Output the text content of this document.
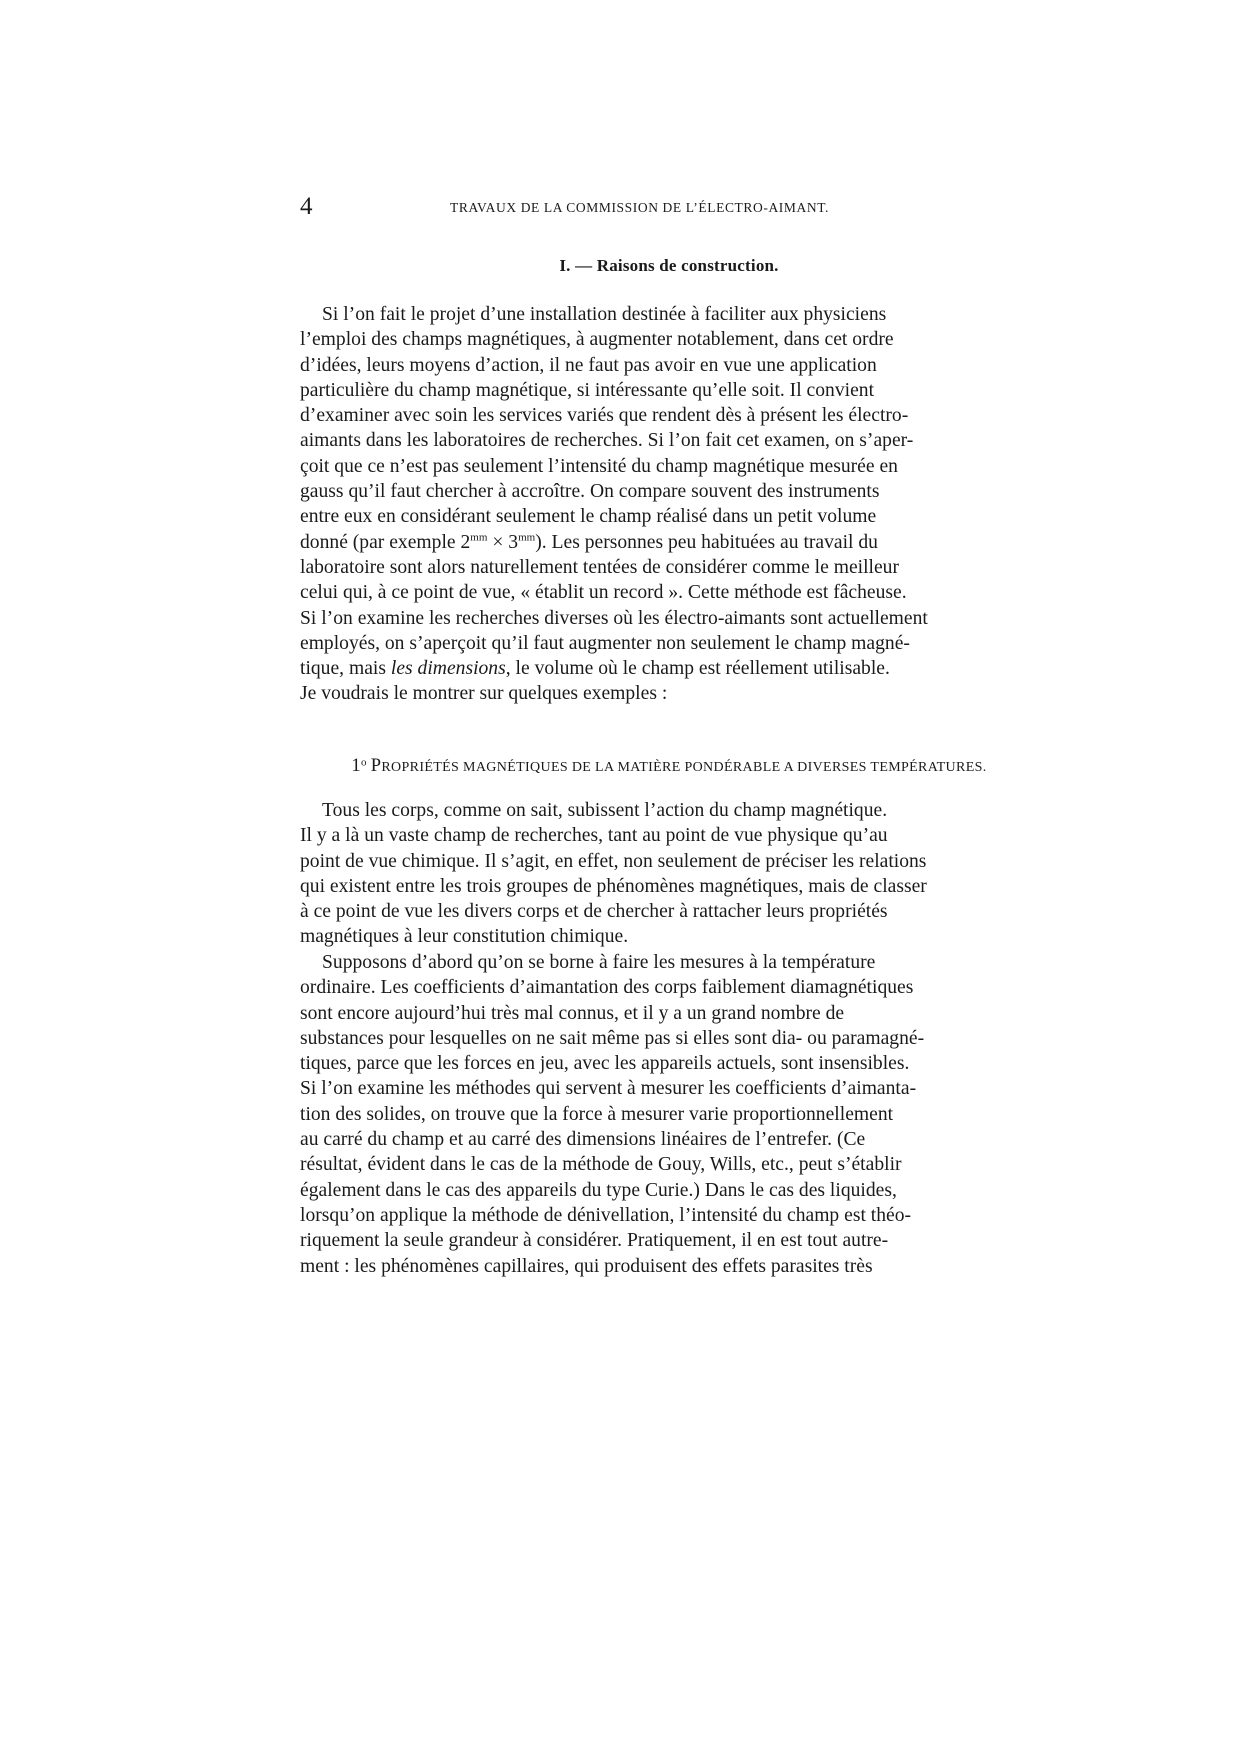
4	TRAVAUX DE LA COMMISSION DE L’ÉLECTRO-AIMANT.
I. — Raisons de construction.

Si l’on fait le projet d’une installation destinée à faciliter aux physiciens

l’emploi des champs magnétiques, à augmenter notablement, dans cet ordre

d’idées, leurs moyens d’action, il ne faut pas avoir en vue une application

particulière du champ magnétique, si intéressante qu’elle soit. Il convient

d’examiner avec soin les services variés que rendent dès à présent les électro-

aimants dans les laboratoires de recherches. Si l’on fait cet examen, on s’aper-

çoit que ce n’est pas seulement l’intensité du champ magnétique mesurée en

gauss qu’il faut chercher à accroître. On compare souvent des instruments

entre eux en considérant seulement le champ réalisé dans un petit volume

donné (par exemple $2^{mm} \times 3^{mm}$). Les personnes peu habituées au travail du

laboratoire sont alors naturellement tentées de considérer comme le meilleur

celui qui, à ce point de vue, « établit un record ». Cette méthode est fâcheuse.

Si l’on examine les recherches diverses où les électro-aimants sont actuellement

employés, on s’aperçoit qu’il faut augmenter non seulement le champ magné-

tique, mais les dimensions, le volume où le champ est réellement utilisable.

Je voudrais le montrer sur quelques exemples :

1$^o$ PROPRIÉTÉS MAGNÉTIQUES DE LA MATIÈRE PONDÉRABLE A DIVERSES TEMPÉRATURES.

Tous les corps, comme on sait, subissent l’action du champ magnétique.

Il y a là un vaste champ de recherches, tant au point de vue physique qu’au

point de vue chimique. Il s’agit, en effet, non seulement de préciser les relations

qui existent entre les trois groupes de phénomènes magnétiques, mais de classer

à ce point de vue les divers corps et de chercher à rattacher leurs propriétés

magnétiques à leur constitution chimique.

Supposons d’abord qu’on se borne à faire les mesures à la température

ordinaire. Les coefficients d’aimantation des corps faiblement diamagnétiques

sont encore aujourd’hui très mal connus, et il y a un grand nombre de

substances pour lesquelles on ne sait même pas si elles sont dia- ou paramagné-

tiques, parce que les forces en jeu, avec les appareils actuels, sont insensibles.

Si l’on examine les méthodes qui servent à mesurer les coefficients d’aimanta-

tion des solides, on trouve que la force à mesurer varie proportionnellement

au carré du champ et au carré des dimensions linéaires de l’entrefer. (Ce

résultat, évident dans le cas de la méthode de Gouy, Wills, etc., peut s’établir

également dans le cas des appareils du type Curie.) Dans le cas des liquides,

lorsqu’on applique la méthode de dénivellation, l’intensité du champ est théo-

riquement la seule grandeur à considérer. Pratiquement, il en est tout autre-

ment : les phénomènes capillaires, qui produisent des effets parasites très
